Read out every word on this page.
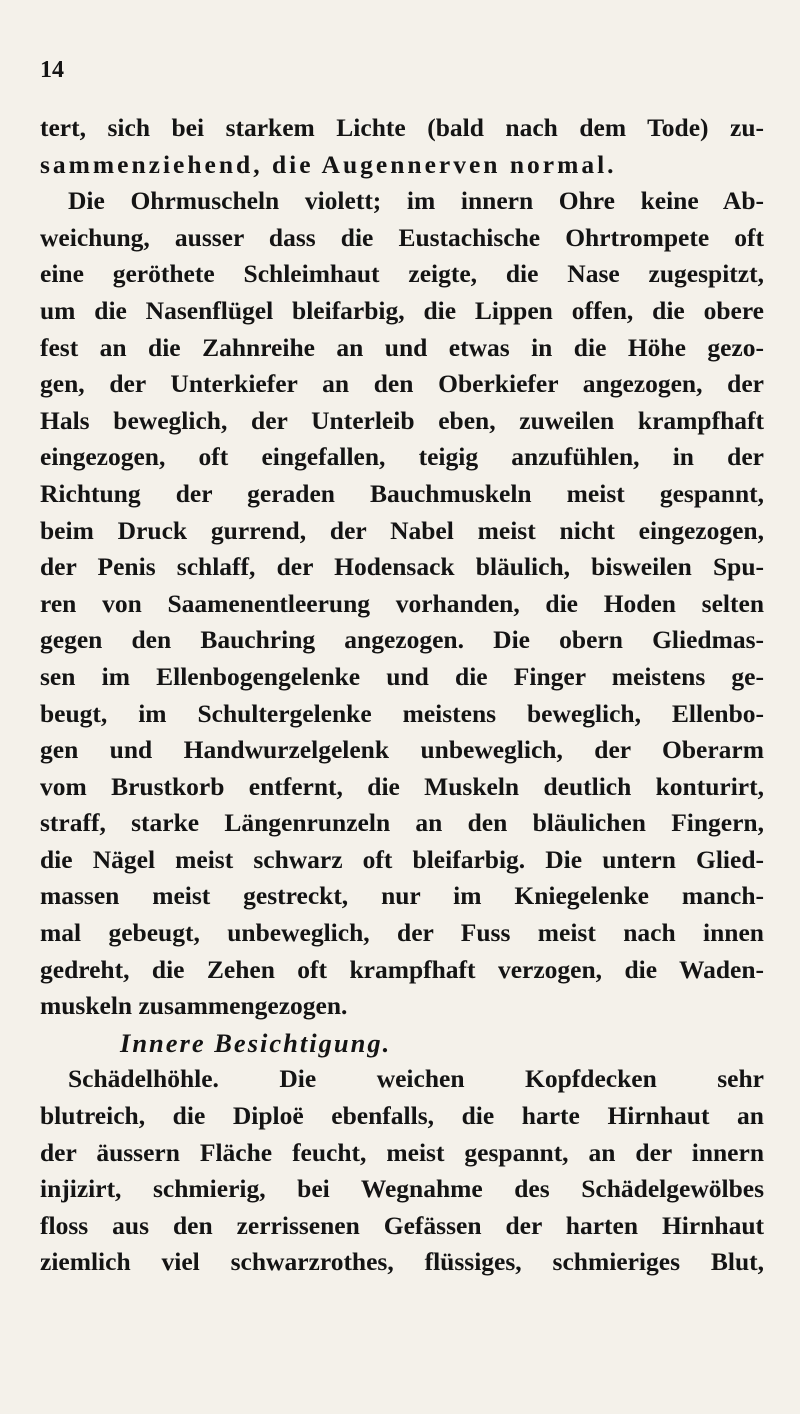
14
tert, sich bei starkem Lichte (bald nach dem Tode) zu-
sammenziehend, die Augennerven normal.
Die Ohrmuscheln violett; im innern Ohre keine Ab-
weichung, ausser dass die Eustachische Ohrtrompete oft
eine geröthete Schleimhaut zeigte, die Nase zugespitzt,
um die Nasenflügel bleifarbig, die Lippen offen, die obere
fest an die Zahnreihe an und etwas in die Höhe gezo-
gen, der Unterkiefer an den Oberkiefer angezogen, der
Hals beweglich, der Unterleib eben, zuweilen krampfhaft
eingezogen, oft eingefallen, teigig anzufühlen, in der
Richtung der geraden Bauchmuskeln meist gespannt,
beim Druck gurrend, der Nabel meist nicht eingezogen,
der Penis schlaff, der Hodensack bläulich, bisweilen Spu-
ren von Saamenentleerung vorhanden, die Hoden selten
gegen den Bauchring angezogen. Die obern Gliedmas-
sen im Ellenbogengelenke und die Finger meistens ge-
beugt, im Schultergelenke meistens beweglich, Ellenbo-
gen und Handwurzelgelenk unbeweglich, der Oberarm
vom Brustkorb entfernt, die Muskeln deutlich konturirt,
straff, starke Längenrunzeln an den bläulichen Fingern,
die Nägel meist schwarz oft bleifarbig. Die untern Glied-
massen meist gestreckt, nur im Kniegelenke manch-
mal gebeugt, unbeweglich, der Fuss meist nach innen
gedreht, die Zehen oft krampfhaft verzogen, die Waden-
muskeln zusammengezogen.
Innere Besichtigung.
Schädelhöhle. Die weichen Kopfdecken sehr
blutreich, die Diploë ebenfalls, die harte Hirnhaut an
der äussern Fläche feucht, meist gespannt, an der innern
injizirt, schmierig, bei Wegnahme des Schädelgewölbes
floss aus den zerrissenen Gefässen der harten Hirnhaut
ziemlich viel schwarzrothes, flüssiges, schmieriges Blut,
